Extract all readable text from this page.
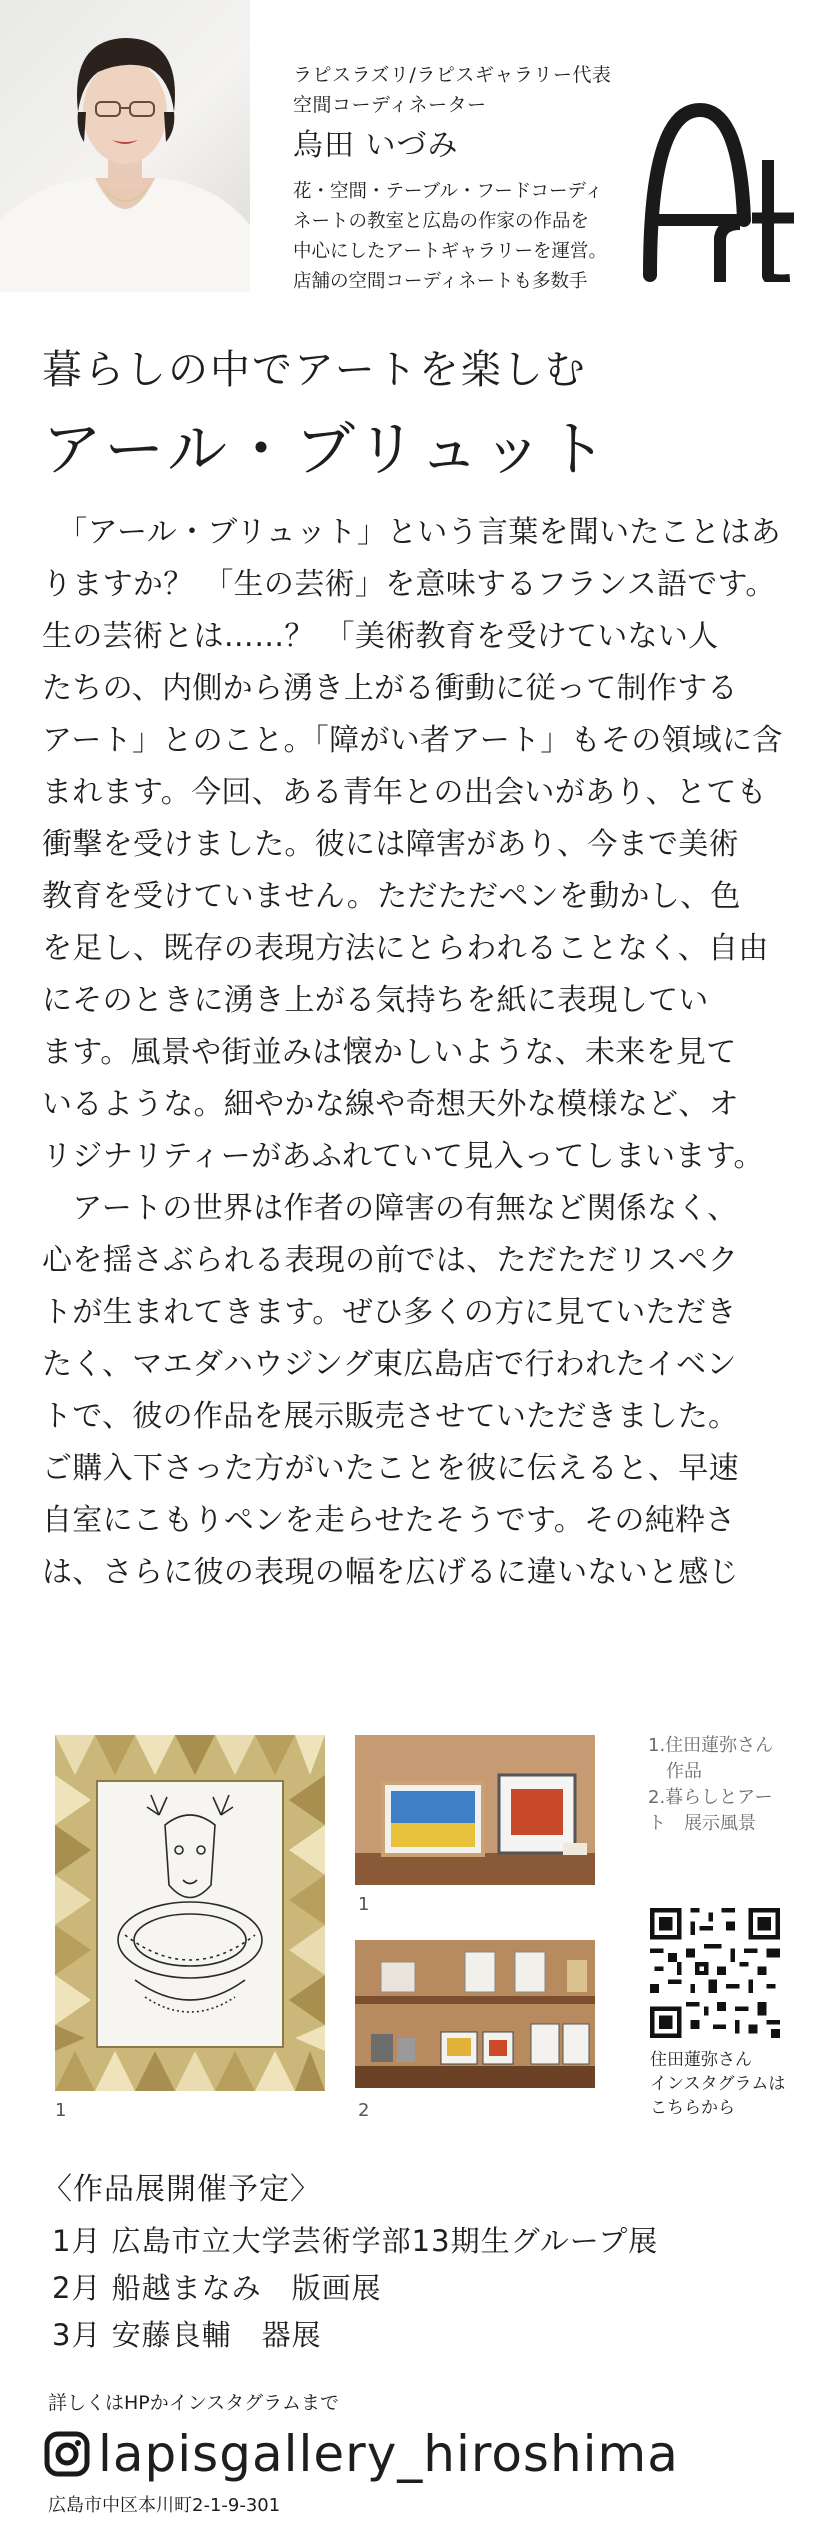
ラピスラズリ/ラピスギャラリー代表
空間コーディネーター
烏田 いづみ
花・空間・テーブル・フードコーディ
ネートの教室と広島の作家の作品を
中心にしたアートギャラリーを運営。
店舗の空間コーディネートも多数手
暮らしの中でアートを楽しむ
アール・ブリュット
　「アール・ブリュット」という言葉を聞いたことはあ
りますか？ 「生の芸術」を意味するフランス語です。
生の芸術とは……？ 「美術教育を受けていない人
たちの、内側から湧き上がる衝動に従って制作する
アート」とのこと。「障がい者アート」もその領域に含
まれます。今回、ある青年との出会いがあり、とても
衝撃を受けました。彼には障害があり、今まで美術
教育を受けていません。ただただペンを動かし、色
を足し、既存の表現方法にとらわれることなく、自由
にそのときに湧き上がる気持ちを紙に表現してい
ます。風景や街並みは懐かしいような、未来を見て
いるような。細やかな線や奇想天外な模様など、オ
リジナリティーがあふれていて見入ってしまいます。
　アートの世界は作者の障害の有無など関係なく、
心を揺さぶられる表現の前では、ただただリスペク
トが生まれてきます。ぜひ多くの方に見ていただき
たく、マエダハウジング東広島店で行われたイベン
トで、彼の作品を展示販売させていただきました。
ご購入下さった方がいたことを彼に伝えると、早速
自室にこもりペンを走らせたそうです。その純粋さ
は、さらに彼の表現の幅を広げるに違いないと感じ
1
1
2
1.住田蓮弥さん
　作品
2.暮らしとアー
ト　展示風景
住田蓮弥さん
インスタグラムは
こちらから
〈作品展開催予定〉
1月 広島市立大学芸術学部13期生グループ展
2月 船越まなみ　版画展
3月 安藤良輔　器展
詳しくはHPかインスタグラムまで
lapisgallery_hiroshima
広島市中区本川町2-1-9-301
